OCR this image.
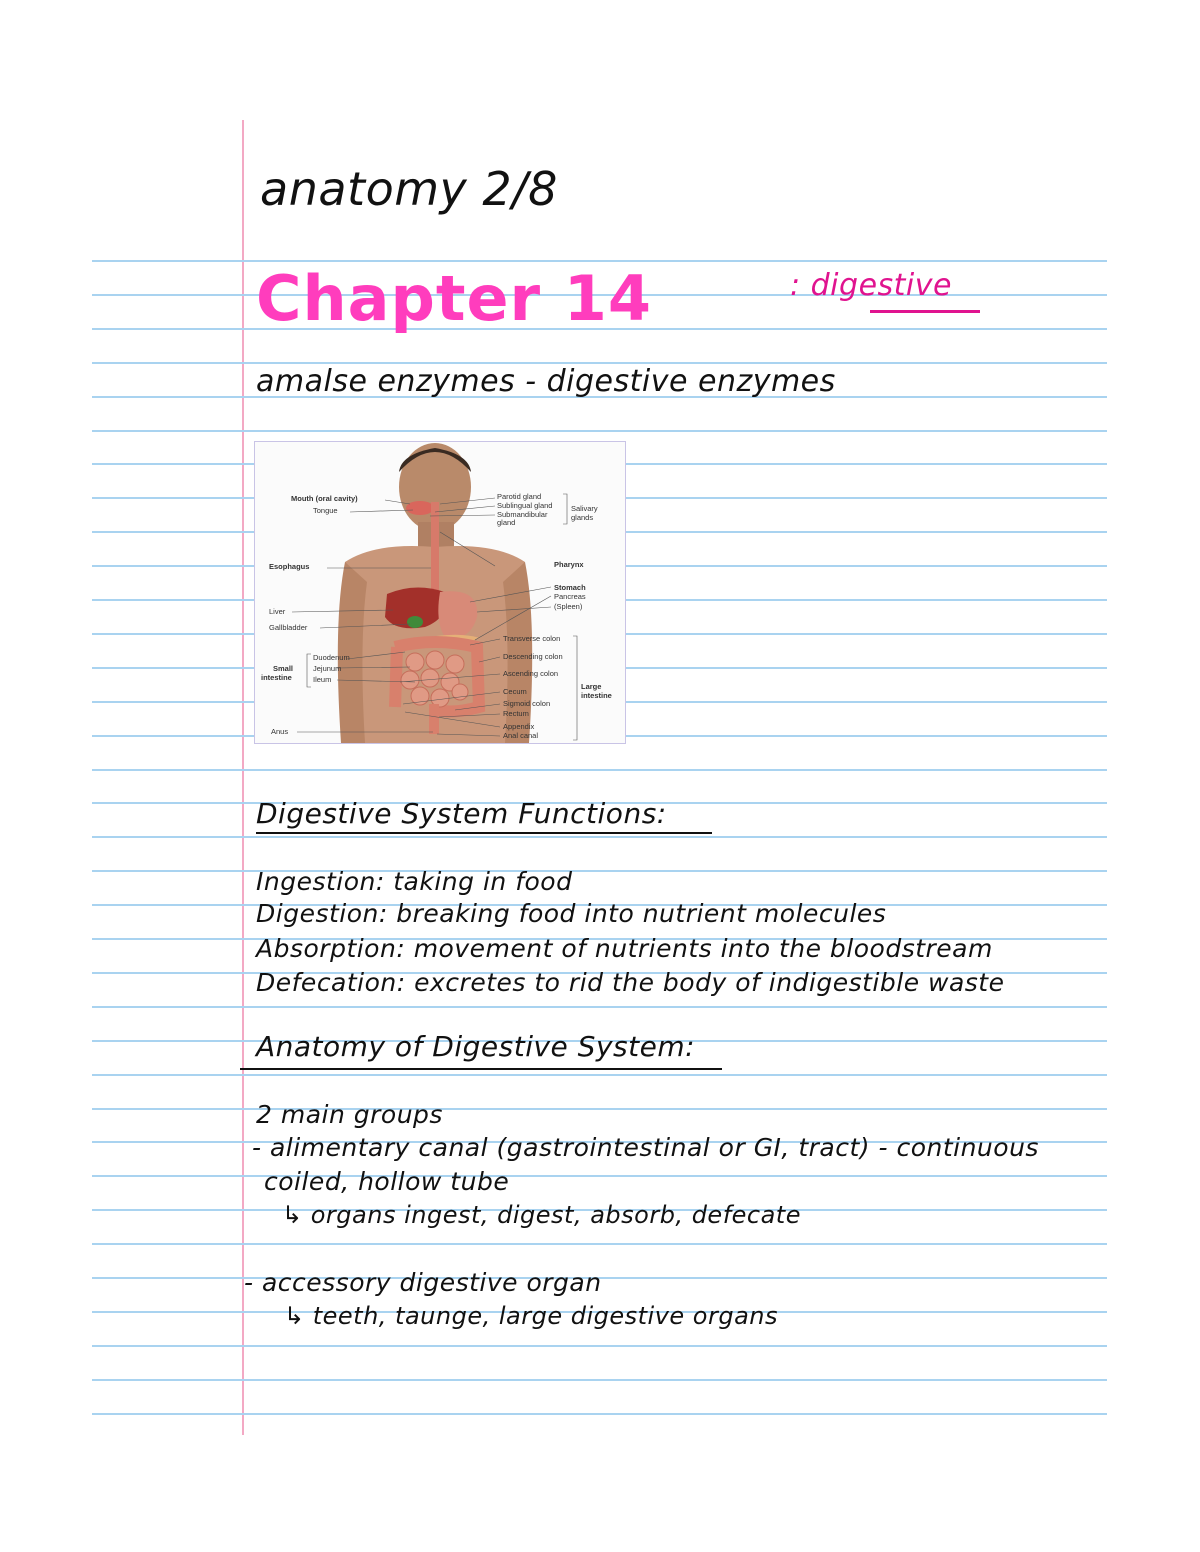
anatomy 2/8
Chapter 14	: digestive
amalse enzymes - digestive enzymes
Mouth (oral cavity)
Tongue
Esophagus
Liver
Gallbladder
Duodenum
Small
intestine
Jejunum
Ileum
Anus
Parotid gland
Sublingual gland
Submandibular
gland
Salivary
glands
Pharynx
Stomach
Pancreas
(Spleen)
Transverse colon
Descending colon
Ascending colon
Cecum
Sigmoid colon
Rectum
Appendix
Anal canal
Large
intestine
Digestive System Functions:
Ingestion: taking in food
Digestion: breaking food into nutrient molecules
Absorption: movement of nutrients into the bloodstream
Defecation: excretes to rid the body of indigestible waste
Anatomy of Digestive System:
2 main groups
- alimentary canal (gastrointestinal or GI, tract) - continuous
coiled, hollow tube
↳ organs ingest, digest, absorb, defecate
- accessory digestive organ
↳ teeth, taunge, large digestive organs
